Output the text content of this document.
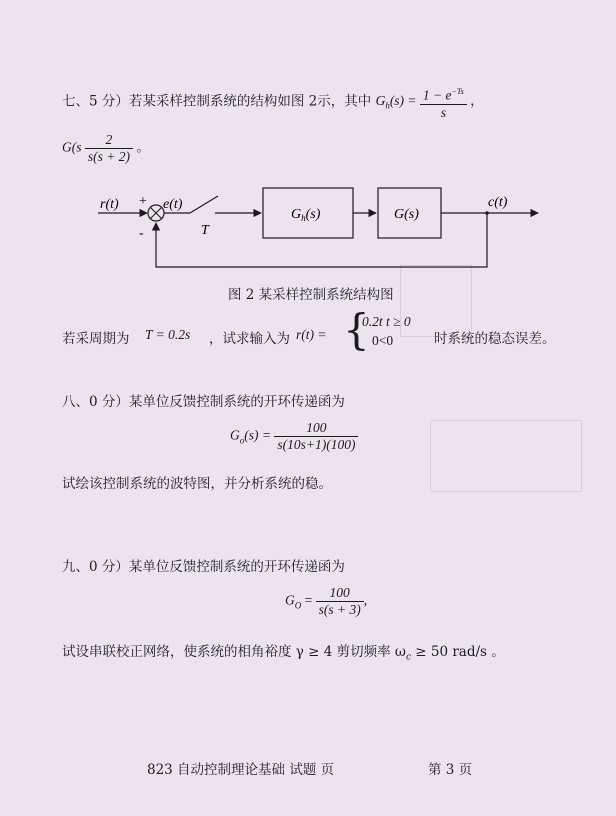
七、5 分）若某采样控制系统的结构如图 2示，其中 $G_h(s) = \frac{1 - e^{-Ts}}{s}$ ，
$G(s \frac{2}{s(s + 2)}$ 。
r(t) +
-
e(t)
T
$G_h(s)$	G(s)
c(t)
图 2 某采样控制系统结构图
若采周期为 T = 0.2s ，试求输入为 r(t) = {
0.2t t ≥ 0
0<0	时系统的稳态误差。
八、0 分）某单位反馈控制系统的开环传递函为
$G_o(s) = \frac{100}{s(10s+1)(100)}$
试绘该控制系统的波特图，并分析系统的稳。
九、0 分）某单位反馈控制系统的开环传递函为
$G_O = \frac{100}{s(s + 3)}$ ,
试设串联校正网络，使系统的相角裕度 γ ≥ 4 剪切频率 $\omega_c \ge 50$ rad/s 。
823 自动控制理论基础 试题 页	第 3 页
